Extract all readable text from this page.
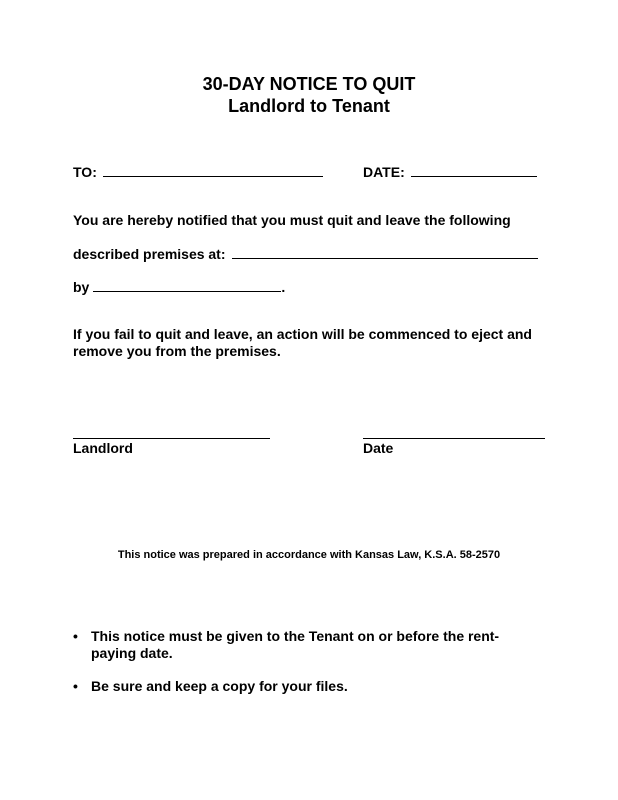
30-DAY NOTICE TO QUIT
Landlord to Tenant
TO:	DATE:
You are hereby notified that you must quit and leave the following
described premises at:
by	.
If you fail to quit and leave, an action will be commenced to eject and remove you from the premises.
Landlord	Date
This notice was prepared in accordance with Kansas Law, K.S.A. 58-2570
• This notice must be given to the Tenant on or before the rent-paying date.
• Be sure and keep a copy for your files.
